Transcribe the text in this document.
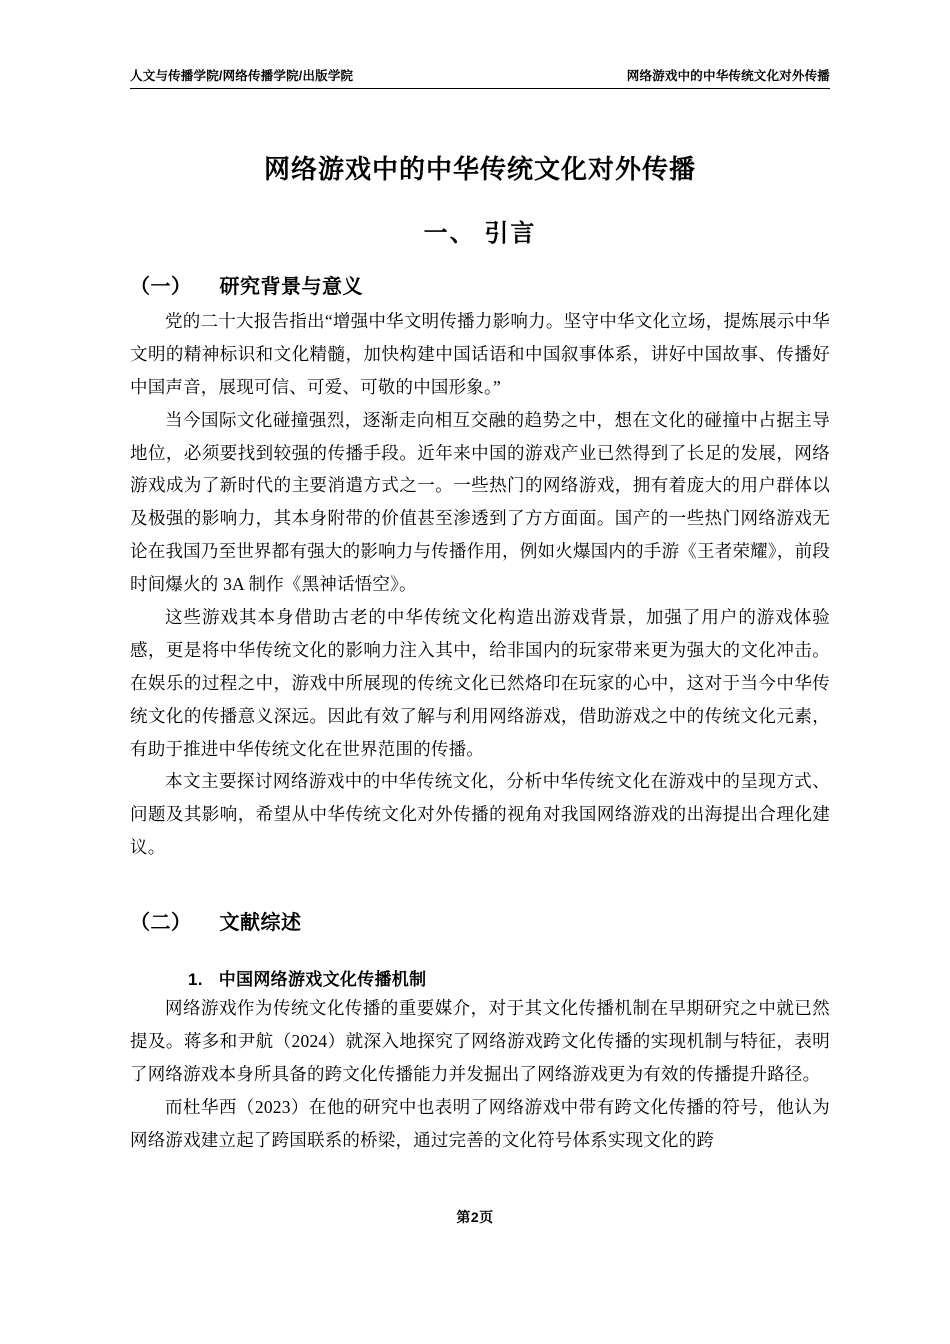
人文与传播学院/网络传播学院/出版学院	网络游戏中的中华传统文化对外传播
网络游戏中的中华传统文化对外传播
一、 引言
（一） 研究背景与意义

党的二十大报告指出“增强中华文明传播力影响力。坚守中华文化立场，提炼展示中华文明的精神标识和文化精髓，加快构建中国话语和中国叙事体系，讲好中国故事、传播好中国声音，展现可信、可爱、可敬的中国形象。”

当今国际文化碰撞强烈，逐渐走向相互交融的趋势之中，想在文化的碰撞中占据主导地位，必须要找到较强的传播手段。近年来中国的游戏产业已然得到了长足的发展，网络游戏成为了新时代的主要消遣方式之一。一些热门的网络游戏，拥有着庞大的用户群体以及极强的影响力，其本身附带的价值甚至渗透到了方方面面。国产的一些热门网络游戏无论在我国乃至世界都有强大的影响力与传播作用，例如火爆国内的手游《王者荣耀》，前段时间爆火的 3A 制作《黑神话悟空》。

这些游戏其本身借助古老的中华传统文化构造出游戏背景，加强了用户的游戏体验感，更是将中华传统文化的影响力注入其中，给非国内的玩家带来更为强大的文化冲击。在娱乐的过程之中，游戏中所展现的传统文化已然烙印在玩家的心中，这对于当今中华传统文化的传播意义深远。因此有效了解与利用网络游戏，借助游戏之中的传统文化元素，有助于推进中华传统文化在世界范围的传播。

本文主要探讨网络游戏中的中华传统文化，分析中华传统文化在游戏中的呈现方式、问题及其影响，希望从中华传统文化对外传播的视角对我国网络游戏的出海提出合理化建议。

（二） 文献综述
1. 中国网络游戏文化传播机制

网络游戏作为传统文化传播的重要媒介，对于其文化传播机制在早期研究之中就已然提及。蒋多和尹航（2024）就深入地探究了网络游戏跨文化传播的实现机制与特征，表明了网络游戏本身所具备的跨文化传播能力并发掘出了网络游戏更为有效的传播提升路径。

而杜华西（2023）在他的研究中也表明了网络游戏中带有跨文化传播的符号，他认为网络游戏建立起了跨国联系的桥梁，通过完善的文化符号体系实现文化的跨

第2页
